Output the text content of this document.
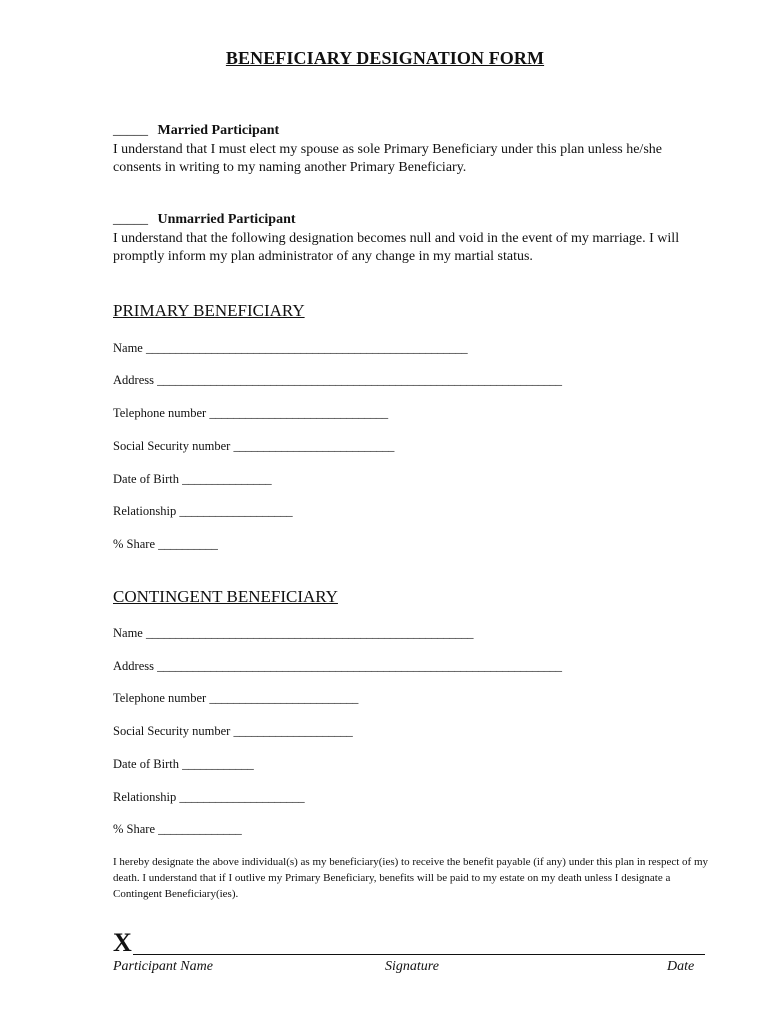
BENEFICIARY DESIGNATION FORM
_____ Married Participant
I understand that I must elect my spouse as sole Primary Beneficiary under this plan unless he/she consents in writing to my naming another Primary Beneficiary.
_____ Unmarried Participant
I understand that the following designation becomes null and void in the event of my marriage. I will promptly inform my plan administrator of any change in my martial status.
PRIMARY BENEFICIARY
Name ______________________________________________________
Address ____________________________________________________________________
Telephone number ______________________________
Social Security number ___________________________
Date of Birth _______________
Relationship ___________________
% Share __________
CONTINGENT BENEFICIARY
Name _______________________________________________________
Address ____________________________________________________________________
Telephone number _________________________
Social Security number ____________________
Date of Birth ____________
Relationship _____________________
% Share ______________
I hereby designate the above individual(s) as my beneficiary(ies) to receive the benefit payable (if any) under this plan in respect of my death. I understand that if I outlive my Primary Beneficiary, benefits will be paid to my estate on my death unless I designate a Contingent Beneficiary(ies).
X
Participant Name	Signature	Date
